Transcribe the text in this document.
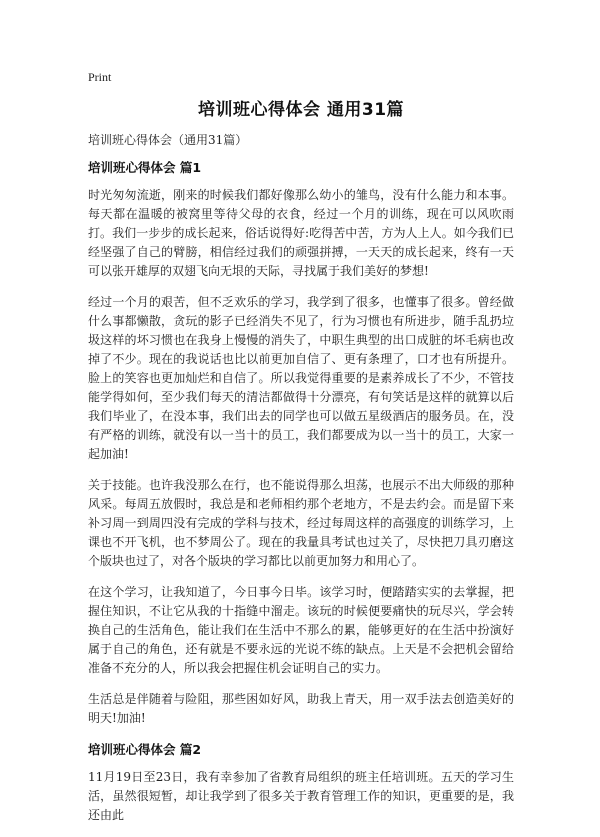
Print
培训班心得体会 通用31篇
培训班心得体会（通用31篇）
培训班心得体会 篇1

时光匆匆流逝，刚来的时候我们都好像那么幼小的雏鸟，没有什么能力和本事。每天都在温暖的被窝里等待父母的衣食，经过一个月的训练，现在可以风吹雨打。我们一步步的成长起来，俗话说得好:吃得苦中苦，方为人上人。如今我们已经坚强了自己的臂膀，相信经过我们的顽强拼搏，一天天的成长起来，终有一天可以张开雄厚的双翅飞向无垠的天际，寻找属于我们美好的梦想!

经过一个月的艰苦，但不乏欢乐的学习，我学到了很多，也懂事了很多。曾经做什么事都懒散，贪玩的影子已经消失不见了，行为习惯也有所进步，随手乱扔垃圾这样的坏习惯也在我身上慢慢的消失了，中职生典型的出口成脏的坏毛病也改掉了不少。现在的我说话也比以前更加自信了、更有条理了，口才也有所提升。脸上的笑容也更加灿烂和自信了。所以我觉得重要的是素养成长了不少，不管技能学得如何，至少我们每天的清洁都做得十分漂亮，有句笑话是这样的就算以后我们毕业了，在没本事，我们出去的同学也可以做五星级酒店的服务员。在，没有严格的训练，就没有以一当十的员工，我们都要成为以一当十的员工，大家一起加油!

关于技能。也许我没那么在行，也不能说得那么坦荡，也展示不出大师级的那种风采。每周五放假时，我总是和老师相约那个老地方，不是去约会。而是留下来补习周一到周四没有完成的学科与技术，经过每周这样的高强度的训练学习，上课也不开飞机，也不梦周公了。现在的我量具考试也过关了，尽快把刀具刃磨这个版块也过了，对各个版块的学习都比以前更加努力和用心了。

在这个学习，让我知道了，今日事今日毕。该学习时，便踏踏实实的去掌握，把握住知识，不让它从我的十指缝中溜走。该玩的时候便要痛快的玩尽兴，学会转换自己的生活角色，能让我们在生活中不那么的累，能够更好的在生活中扮演好属于自己的角色，还有就是不要永远的光说不练的缺点。上天是不会把机会留给准备不充分的人，所以我会把握住机会证明自己的实力。

生活总是伴随着与险阻，那些困如好风，助我上青天，用一双手法去创造美好的明天!加油!

培训班心得体会 篇2

11月19日至23日，我有幸参加了省教育局组织的班主任培训班。五天的学习生活，虽然很短暂，却让我学到了很多关于教育管理工作的知识，更重要的是，我还由此
